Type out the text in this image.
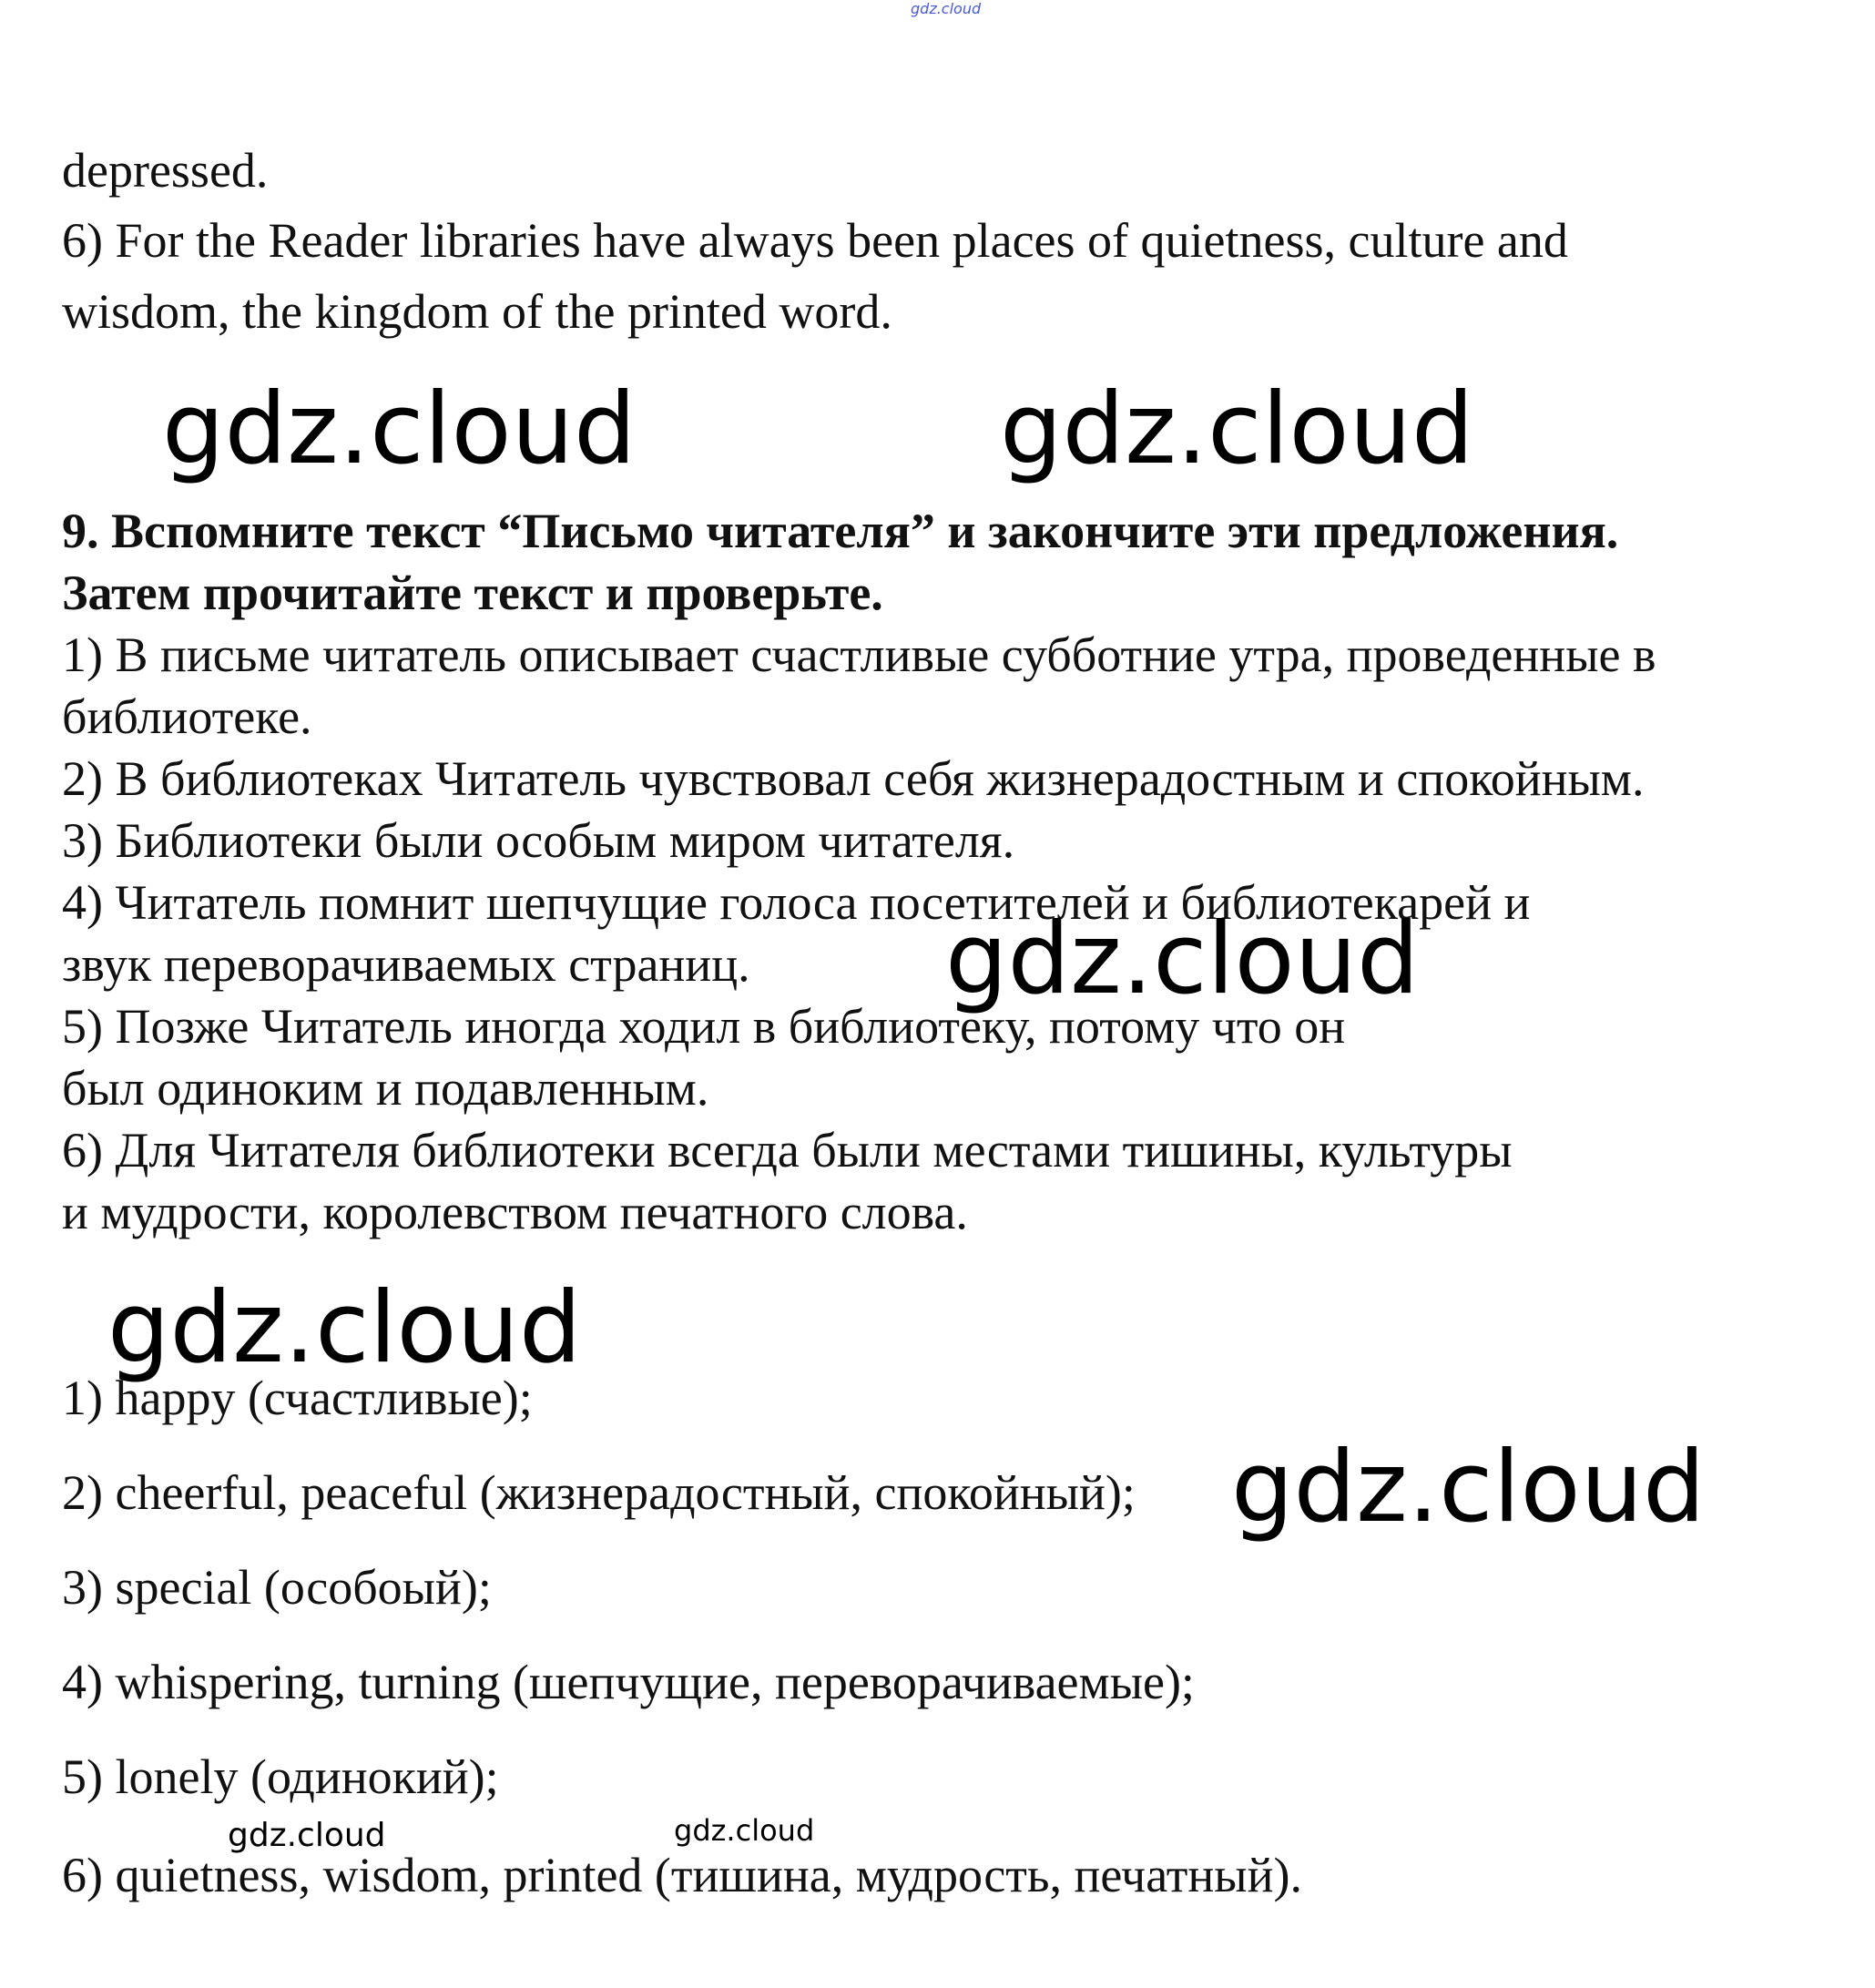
gdz.cloud
depressed.
6) For the Reader libraries have always been places of quietness, culture and
wisdom, the kingdom of the printed word.
gdz.cloud	gdz.cloud
9. Вспомните текст “Письмо читателя” и закончите эти предложения.
Затем прочитайте текст и проверьте.
1) В письме читатель описывает счастливые субботние утра, проведенные в
библиотеке.
2) В библиотеках Читатель чувствовал себя жизнерадостным и спокойным.
3) Библиотеки были особым миром читателя.
4) Читатель помнит шепчущие голоса посетителей и библиотекарей и
звук переворачиваемых страниц. gdz.cloud
5) Позже Читатель иногда ходил в библиотеку, потому что он
был одиноким и подавленным.
6) Для Читателя библиотеки всегда были местами тишины, культуры
и мудрости, королевством печатного слова.
gdz.cloud
1) happy (счастливые);
2) cheerful, peaceful (жизнерадостный, спокойный); gdz.cloud
3) special (особоый);
4) whispering, turning (шепчущие, переворачиваемые);
5) lonely (одинокий);
gdz.cloud	gdz.cloud
6) quietness, wisdom, printed (тишина, мудрость, печатный).
